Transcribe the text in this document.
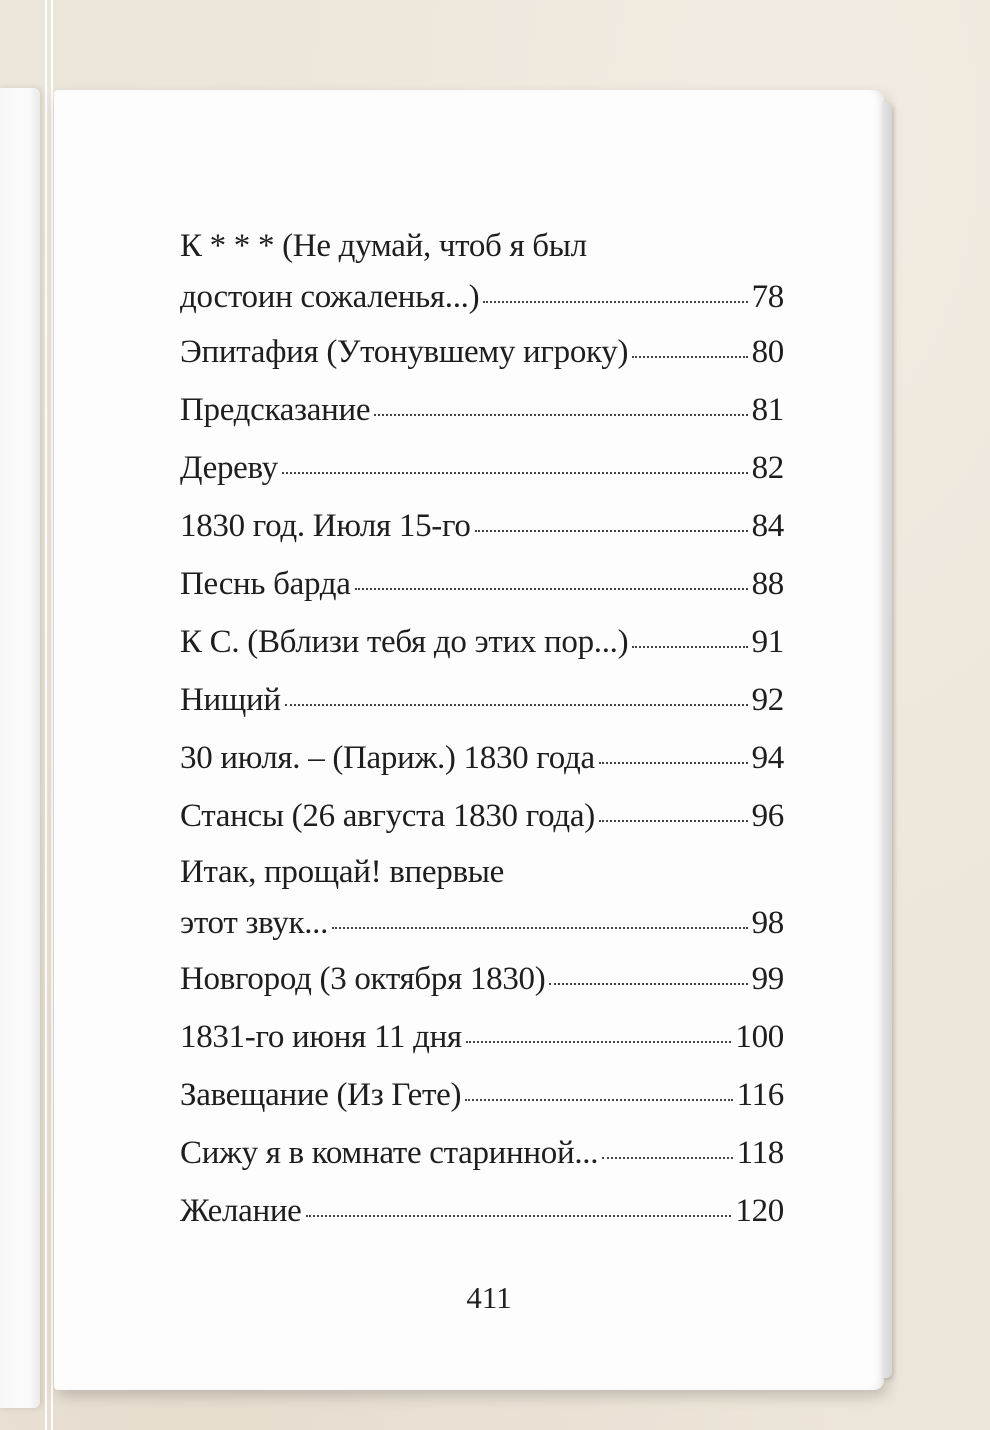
К * * * (Не думай, чтоб я был
достоин сожаленья...)	78
Эпитафия (Утонувшему игроку)	80
Предсказание	81
Дереву	82
1830 год. Июля 15-го	84
Песнь барда	88
К С. (Вблизи тебя до этих пор...)	91
Нищий	92
30 июля. – (Париж.) 1830 года	94
Стансы (26 августа 1830 года)	96
Итак, прощай! впервые
этот звук...	98
Новгород (3 октября 1830)	99
1831-го июня 11 дня	100
Завещание (Из Гете)	116
Сижу я в комнате старинной...	118
Желание	120
411
